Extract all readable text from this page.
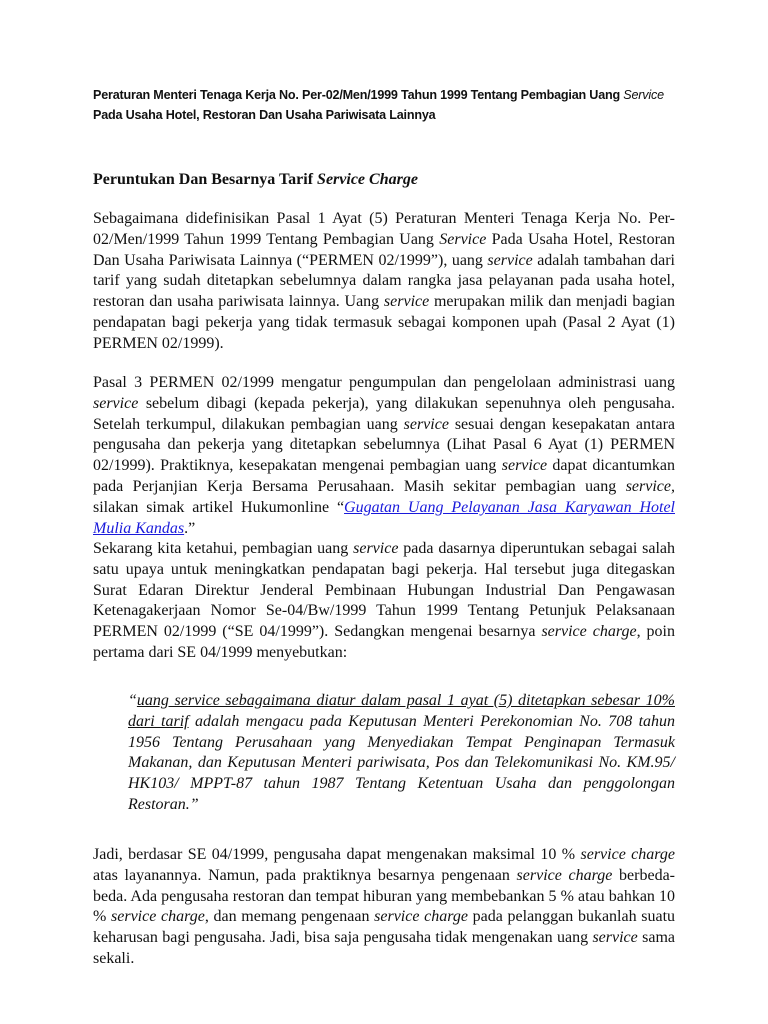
Peraturan Menteri Tenaga Kerja No. Per-02/Men/1999 Tahun 1999 Tentang Pembagian Uang Service Pada Usaha Hotel, Restoran Dan Usaha Pariwisata Lainnya
Peruntukan Dan Besarnya Tarif Service Charge

Sebagaimana didefinisikan Pasal 1 Ayat (5) Peraturan Menteri Tenaga Kerja No. Per-02/Men/1999 Tahun 1999 Tentang Pembagian Uang Service Pada Usaha Hotel, Restoran Dan Usaha Pariwisata Lainnya (“PERMEN 02/1999”), uang service adalah tambahan dari tarif yang sudah ditetapkan sebelumnya dalam rangka jasa pelayanan pada usaha hotel, restoran dan usaha pariwisata lainnya. Uang service merupakan milik dan menjadi bagian pendapatan bagi pekerja yang tidak termasuk sebagai komponen upah (Pasal 2 Ayat (1) PERMEN 02/1999).

Pasal 3 PERMEN 02/1999 mengatur pengumpulan dan pengelolaan administrasi uang service sebelum dibagi (kepada pekerja), yang dilakukan sepenuhnya oleh pengusaha. Setelah terkumpul, dilakukan pembagian uang service sesuai dengan kesepakatan antara pengusaha dan pekerja yang ditetapkan sebelumnya (Lihat Pasal 6 Ayat (1) PERMEN 02/1999). Praktiknya, kesepakatan mengenai pembagian uang service dapat dicantumkan pada Perjanjian Kerja Bersama Perusahaan. Masih sekitar pembagian uang service, silakan simak artikel Hukumonline “Gugatan Uang Pelayanan Jasa Karyawan Hotel Mulia Kandas.”

Sekarang kita ketahui, pembagian uang service pada dasarnya diperuntukan sebagai salah satu upaya untuk meningkatkan pendapatan bagi pekerja. Hal tersebut juga ditegaskan Surat Edaran Direktur Jenderal Pembinaan Hubungan Industrial Dan Pengawasan Ketenagakerjaan Nomor Se-04/Bw/1999 Tahun 1999 Tentang Petunjuk Pelaksanaan PERMEN 02/1999 (“SE 04/1999”). Sedangkan mengenai besarnya service charge, poin pertama dari SE 04/1999 menyebutkan:

“uang service sebagaimana diatur dalam pasal 1 ayat (5) ditetapkan sebesar 10% dari tarif adalah mengacu pada Keputusan Menteri Perekonomian No. 708 tahun 1956 Tentang Perusahaan yang Menyediakan Tempat Penginapan Termasuk Makanan, dan Keputusan Menteri pariwisata, Pos dan Telekomunikasi No. KM.95/ HK103/ MPPT-87 tahun 1987 Tentang Ketentuan Usaha dan penggolongan Restoran.”

Jadi, berdasar SE 04/1999, pengusaha dapat mengenakan maksimal 10 % service charge atas layanannya. Namun, pada praktiknya besarnya pengenaan service charge berbeda-beda. Ada pengusaha restoran dan tempat hiburan yang membebankan 5 % atau bahkan 10 % service charge, dan memang pengenaan service charge pada pelanggan bukanlah suatu keharusan bagi pengusaha. Jadi, bisa saja pengusaha tidak mengenakan uang service sama sekali.
